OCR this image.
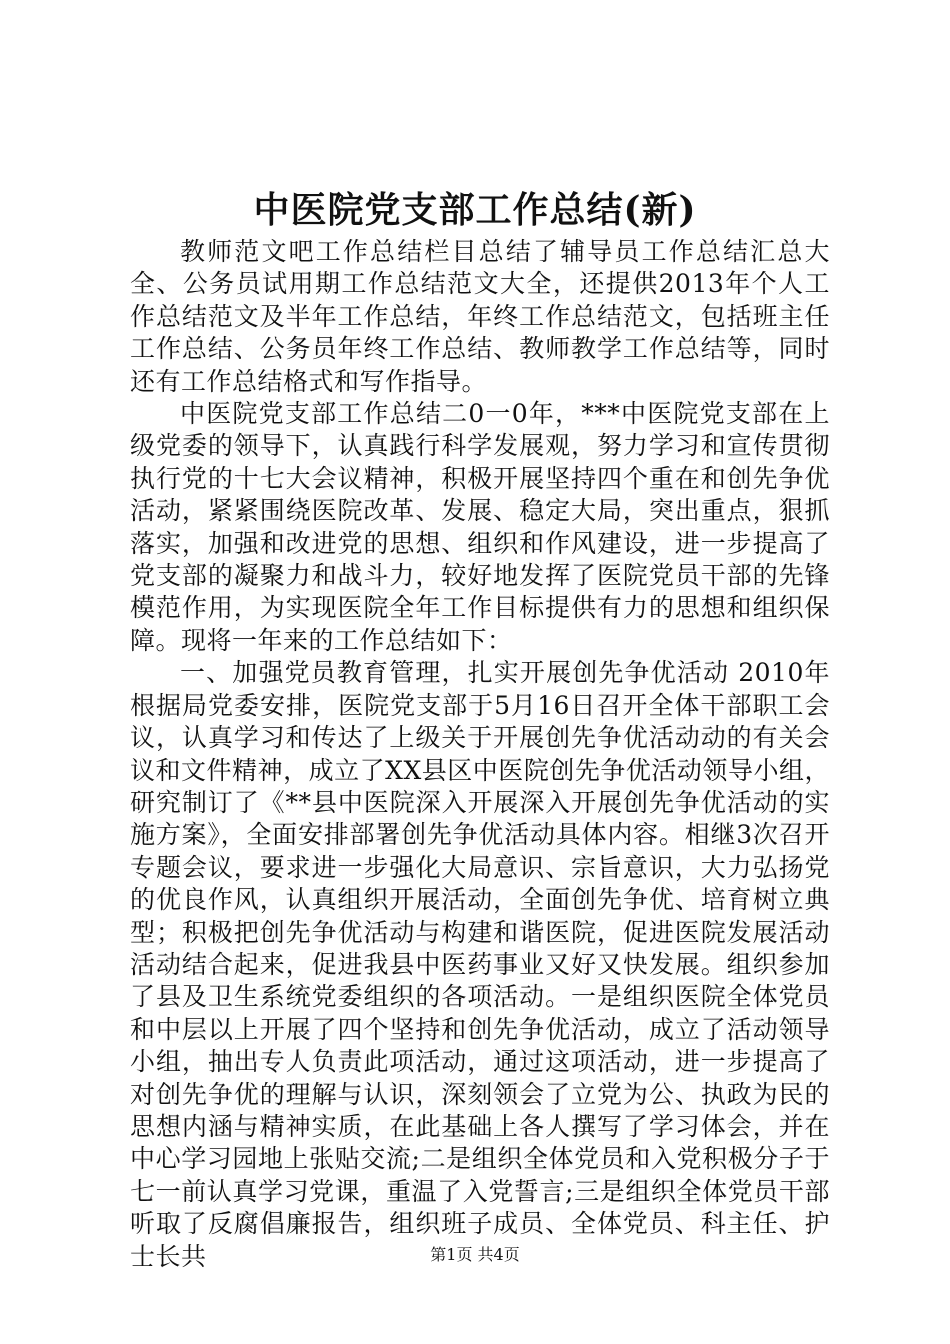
中医院党支部工作总结(新)

教师范文吧工作总结栏目总结了辅导员工作总结汇总大全、公务员试用期工作总结范文大全，还提供2013年个人工作总结范文及半年工作总结，年终工作总结范文，包括班主任工作总结、公务员年终工作总结、教师教学工作总结等，同时还有工作总结格式和写作指导。

中医院党支部工作总结二0一0年，***中医院党支部在上级党委的领导下，认真践行科学发展观，努力学习和宣传贯彻执行党的十七大会议精神，积极开展坚持四个重在和创先争优活动，紧紧围绕医院改革、发展、稳定大局，突出重点，狠抓落实，加强和改进党的思想、组织和作风建设，进一步提高了党支部的凝聚力和战斗力，较好地发挥了医院党员干部的先锋模范作用，为实现医院全年工作目标提供有力的思想和组织保障。现将一年来的工作总结如下：

一、加强党员教育管理，扎实开展创先争优活动 2010年根据局党委安排，医院党支部于5月16日召开全体干部职工会议，认真学习和传达了上级关于开展创先争优活动动的有关会议和文件精神，成立了XX县区中医院创先争优活动领导小组，研究制订了《**县中医院深入开展深入开展创先争优活动的实施方案》，全面安排部署创先争优活动具体内容。相继3次召开专题会议，要求进一步强化大局意识、宗旨意识，大力弘扬党的优良作风，认真组织开展活动，全面创先争优、培育树立典型；积极把创先争优活动与构建和谐医院，促进医院发展活动活动结合起来，促进我县中医药事业又好又快发展。组织参加了县及卫生系统党委组织的各项活动。一是组织医院全体党员和中层以上开展了四个坚持和创先争优活动，成立了活动领导小组，抽出专人负责此项活动，通过这项活动，进一步提高了对创先争优的理解与认识，深刻领会了立党为公、执政为民的思想内涵与精神实质，在此基础上各人撰写了学习体会，并在中心学习园地上张贴交流;二是组织全体党员和入党积极分子于七一前认真学习党课，重温了入党誓言;三是组织全体党员干部听取了反腐倡廉报告，组织班子成员、全体党员、科主任、护士长共	第1页 共4页
